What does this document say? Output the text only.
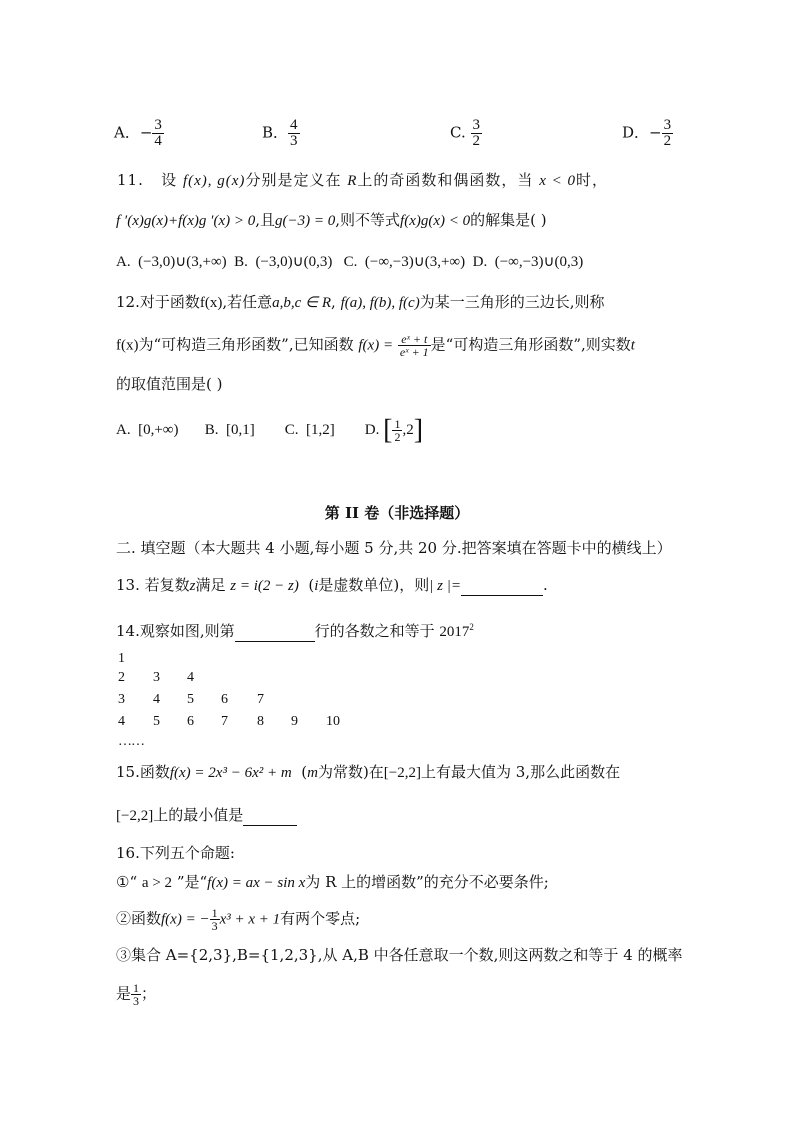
A．− $\frac{3}{4}$	B． $\frac{4}{3}$	C. $\frac{3}{2}$	D．− $\frac{3}{2}$
11. 设 f(x), g(x)分别是定义在 R上的奇函数和偶函数，当 x < 0时，
f ′(x)g(x)+f(x)g ′(x) > 0,且g(−3) = 0,则不等式f(x)g(x) < 0的解集是( )
A. (−3,0)∪(3,+∞) B. (−3,0)∪(0,3) C. (−∞,−3)∪(3,+∞) D. (−∞,−3)∪(0,3)
12.对于函数f(x),若任意a,b,c ∈ R, f(a), f(b), f(c)为某一三角形的三边长,则称
f(x)为“可构造三角形函数”,已知函数 $f(x) = \frac{\text{eˣ + t}}{\text{eˣ + 1}}$ 是“可构造三角形函数”,则实数t
的取值范围是( )
A. [0,+∞) B. [0,1] C. [1,2] D. [ $\frac{1}{2} ,2$]
第 II 卷（非选择题）
二. 填空题（本大题共 4 小题,每小题 5 分,共 20 分.把答案填在答题卡中的横线上）
13. 若复数z满足 z = i(2 − z) (i是虚数单位)，则| z |=	.
14.观察如图,则第	行的各数之和等于 2017$^2$
1
2 3 4
3 4 5 6 7
4 5 6 7 8 9 10
……
15.函数f(x) = 2x³ − 6x² + m (m为常数)在[−2,2]上有最大值为 3,那么此函数在
[−2,2]上的最小值是
16.下列五个命题:
①“ a > 2 ”是“f(x) = ax − sin x为 R 上的增函数”的充分不必要条件;
②函数f(x) = − $\frac{1}{3} x^3 + x + 1$有两个零点;
③集合 A={2,3},B={1,2,3},从 A,B 中各任意取一个数,则这两数之和等于 4 的概率
是 $\frac{1}{3}$ ；
